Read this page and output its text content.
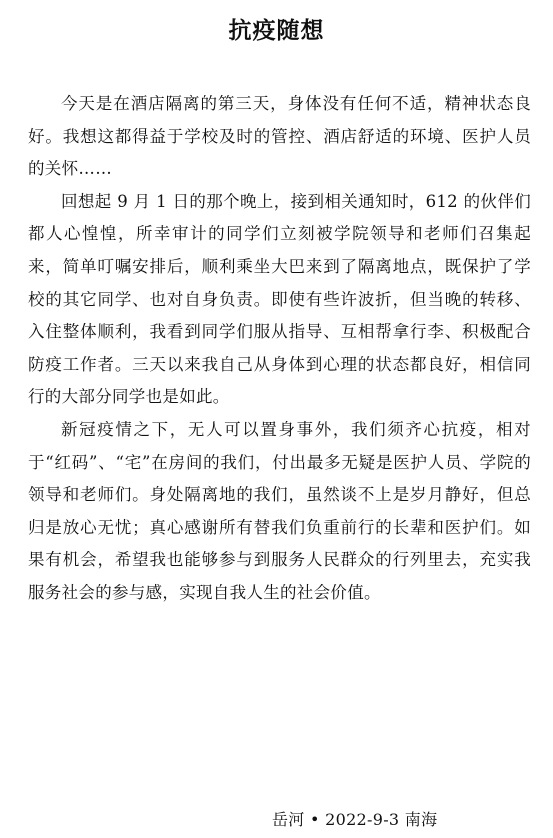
抗疫随想

今天是在酒店隔离的第三天，身体没有任何不适，精神状态良好。我想这都得益于学校及时的管控、酒店舒适的环境、医护人员的关怀……

回想起 9 月 1 日的那个晚上，接到相关通知时，612 的伙伴们都人心惶惶，所幸审计的同学们立刻被学院领导和老师们召集起来，简单叮嘱安排后，顺利乘坐大巴来到了隔离地点，既保护了学校的其它同学、也对自身负责。即使有些许波折，但当晚的转移、入住整体顺利，我看到同学们服从指导、互相帮拿行李、积极配合防疫工作者。三天以来我自己从身体到心理的状态都良好，相信同行的大部分同学也是如此。

新冠疫情之下，无人可以置身事外，我们须齐心抗疫，相对于“红码”、“宅”在房间的我们，付出最多无疑是医护人员、学院的领导和老师们。身处隔离地的我们，虽然谈不上是岁月静好，但总归是放心无忧；真心感谢所有替我们负重前行的长辈和医护们。如果有机会，希望我也能够参与到服务人民群众的行列里去，充实我服务社会的参与感，实现自我人生的社会价值。

岳河 • 2022-9-3 南海
